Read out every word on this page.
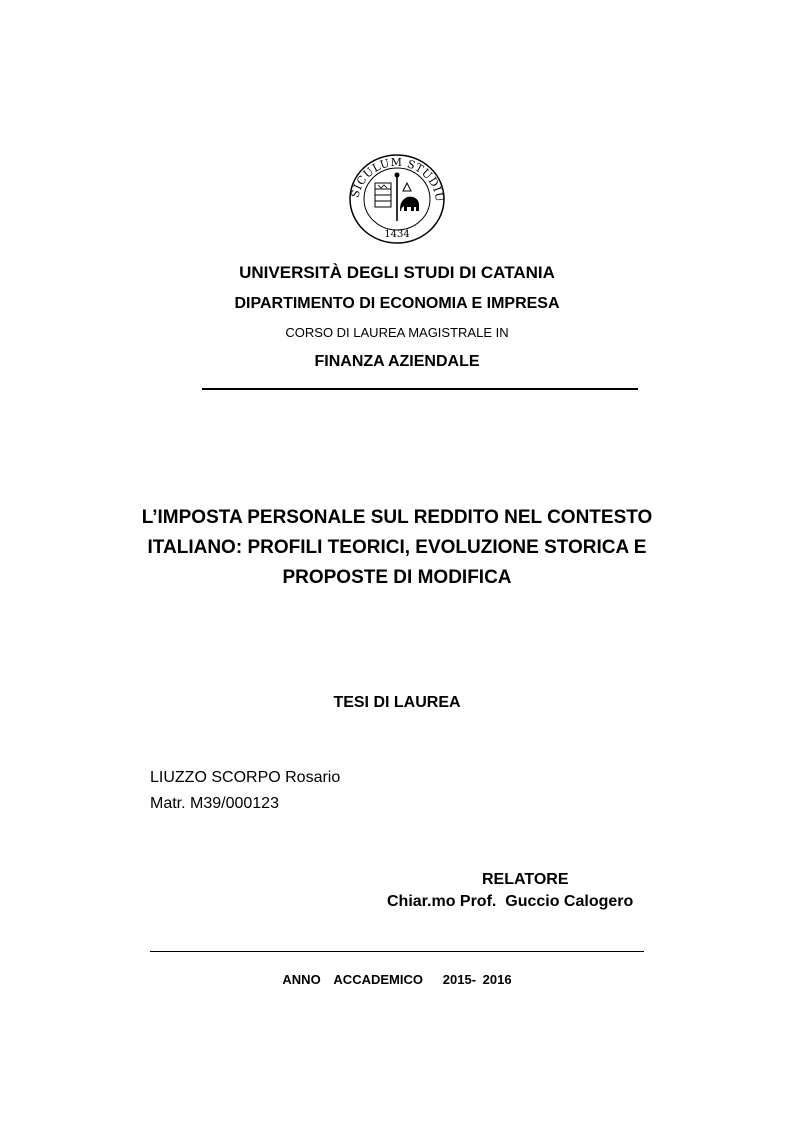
SICULUM STUDIU
1434
UNIVERSITÀ DEGLI STUDI DI CATANIA
DIPARTIMENTO DI ECONOMIA E IMPRESA
CORSO DI LAUREA MAGISTRALE IN
FINANZA AZIENDALE
L’IMPOSTA PERSONALE SUL REDDITO NEL CONTESTO ITALIANO: PROFILI TEORICI, EVOLUZIONE STORICA E PROPOSTE DI MODIFICA
TESI DI LAUREA
LIUZZO SCORPO Rosario
Matr. M39/000123
RELATORE
Chiar.mo Prof.  Guccio Calogero
ANNO  ACCADEMICO   2015- 2016
